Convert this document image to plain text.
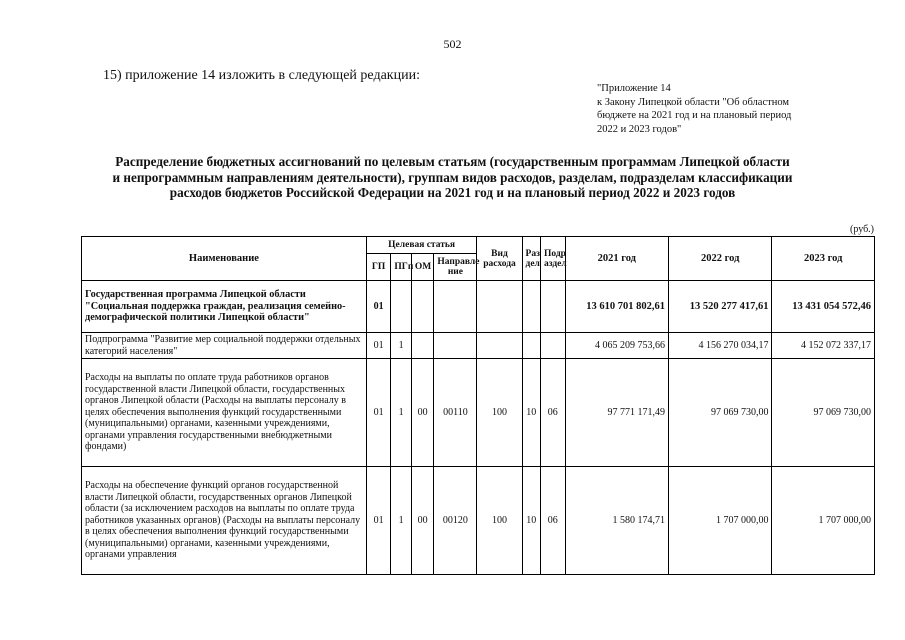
502
15) приложение 14 изложить в следующей редакции:
"Приложение 14
к Закону Липецкой области "Об областном
бюджете на 2021 год и на плановый период
2022 и 2023 годов"
Распределение бюджетных ассигнований по целевым статьям (государственным программам Липецкой области
и непрограммным направлениям деятельности), группам видов расходов, разделам, подразделам классификации
расходов бюджетов Российской Федерации на 2021 год и на плановый период 2022 и 2023 годов
(руб.)
Наименование	Целевая статья				Вид расхода	Раз дел	Подр аздел	2021 год	2022 год	2023 год
	ГП	ПГп	ОМ	Направле ние						
Государственная программа Липецкой области "Социальная поддержка граждан, реализация семейно-демографической политики Липецкой области"	01							13 610 701 802,61	13 520 277 417,61	13 431 054 572,46
Подпрограмма "Развитие мер социальной поддержки отдельных категорий населения"	01	1						4 065 209 753,66	4 156 270 034,17	4 152 072 337,17
Расходы на выплаты по оплате труда работников органов государственной власти Липецкой области, государственных органов Липецкой области (Расходы на выплаты персоналу в целях обеспечения выполнения функций государственными (муниципальными) органами, казенными учреждениями, органами управления государственными внебюджетными фондами)	01	1	00	00110	100	10	06	97 771 171,49	97 069 730,00	97 069 730,00
Расходы на обеспечение функций органов государственной власти Липецкой области, государственных органов Липецкой области (за исключением расходов на выплаты по оплате труда работников указанных органов) (Расходы на выплаты персоналу в целях обеспечения выполнения функций государственными (муниципальными) органами, казенными учреждениями, органами управления	01	1	00	00120	100	10	06	1 580 174,71	1 707 000,00	1 707 000,00
